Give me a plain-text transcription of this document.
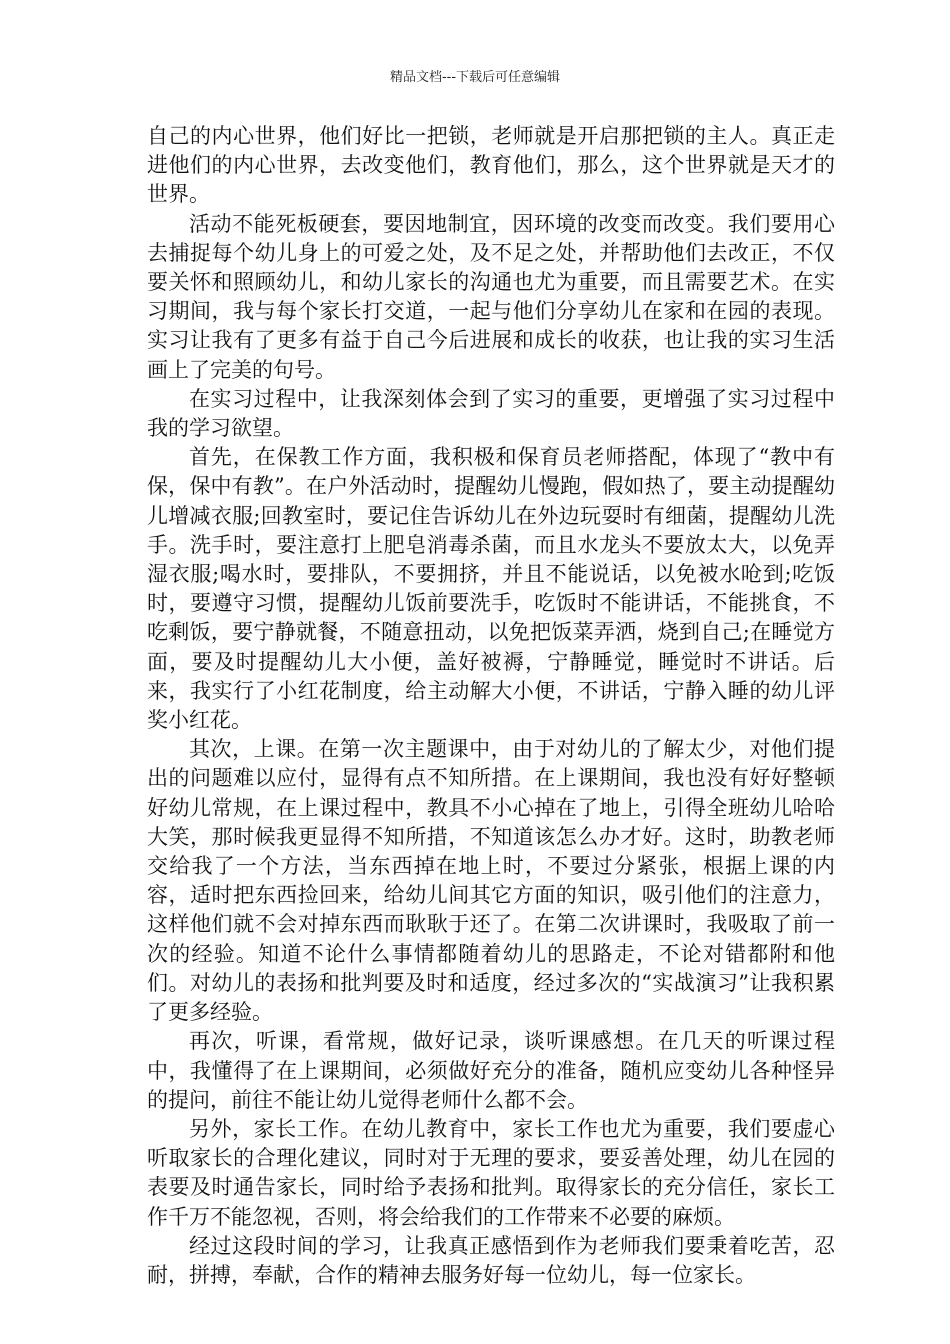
精品文档---下载后可任意编辑

自己的内心世界，他们好比一把锁，老师就是开启那把锁的主人。真正走进他们的内心世界，去改变他们，教育他们，那么，这个世界就是天才的世界。

活动不能死板硬套，要因地制宜，因环境的改变而改变。我们要用心去捕捉每个幼儿身上的可爱之处，及不足之处，并帮助他们去改正，不仅要关怀和照顾幼儿，和幼儿家长的沟通也尤为重要，而且需要艺术。在实习期间，我与每个家长打交道，一起与他们分享幼儿在家和在园的表现。实习让我有了更多有益于自己今后进展和成长的收获，也让我的实习生活画上了完美的句号。

在实习过程中，让我深刻体会到了实习的重要，更增强了实习过程中我的学习欲望。

首先，在保教工作方面，我积极和保育员老师搭配，体现了“教中有保，保中有教”。在户外活动时，提醒幼儿慢跑，假如热了，要主动提醒幼儿增减衣服;回教室时，要记住告诉幼儿在外边玩耍时有细菌，提醒幼儿洗手。洗手时，要注意打上肥皂消毒杀菌，而且水龙头不要放太大，以免弄湿衣服;喝水时，要排队，不要拥挤，并且不能说话，以免被水呛到;吃饭时，要遵守习惯，提醒幼儿饭前要洗手，吃饭时不能讲话，不能挑食，不吃剩饭，要宁静就餐，不随意扭动，以免把饭菜弄洒，烧到自己;在睡觉方面，要及时提醒幼儿大小便，盖好被褥，宁静睡觉，睡觉时不讲话。后来，我实行了小红花制度，给主动解大小便，不讲话，宁静入睡的幼儿评奖小红花。

其次，上课。在第一次主题课中，由于对幼儿的了解太少，对他们提出的问题难以应付，显得有点不知所措。在上课期间，我也没有好好整顿好幼儿常规，在上课过程中，教具不小心掉在了地上，引得全班幼儿哈哈大笑，那时候我更显得不知所措，不知道该怎么办才好。这时，助教老师交给我了一个方法，当东西掉在地上时，不要过分紧张，根据上课的内容，适时把东西捡回来，给幼儿间其它方面的知识，吸引他们的注意力，这样他们就不会对掉东西而耿耿于还了。在第二次讲课时，我吸取了前一次的经验。知道不论什么事情都随着幼儿的思路走，不论对错都附和他们。对幼儿的表扬和批判要及时和适度，经过多次的“实战演习”让我积累了更多经验。

再次，听课，看常规，做好记录，谈听课感想。在几天的听课过程中，我懂得了在上课期间，必须做好充分的准备，随机应变幼儿各种怪异的提问，前往不能让幼儿觉得老师什么都不会。

另外，家长工作。在幼儿教育中，家长工作也尤为重要，我们要虚心听取家长的合理化建议，同时对于无理的要求，要妥善处理，幼儿在园的表要及时通告家长，同时给予表扬和批判。取得家长的充分信任，家长工作千万不能忽视，否则，将会给我们的工作带来不必要的麻烦。

经过这段时间的学习，让我真正感悟到作为老师我们要秉着吃苦，忍耐，拼搏，奉献，合作的精神去服务好每一位幼儿，每一位家长。
